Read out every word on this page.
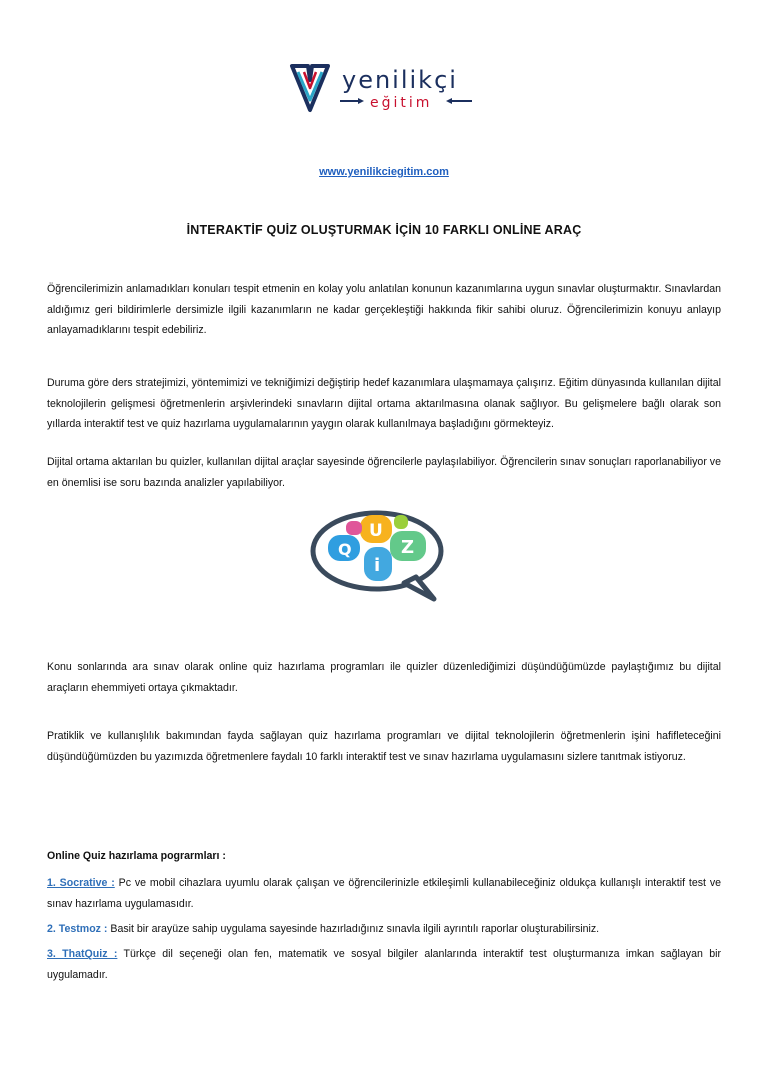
yenilikçi
eğitim
www.yenilikciegitim.com
İNTERAKTİF QUİZ OLUŞTURMAK İÇİN 10 FARKLI ONLİNE ARAÇ

Öğrencilerimizin anlamadıkları konuları tespit etmenin en kolay yolu anlatılan konunun kazanımlarına uygun sınavlar oluşturmaktır. Sınavlardan aldığımız geri bildirimlerle dersimizle ilgili kazanımların ne kadar gerçekleştiği hakkında fikir sahibi oluruz. Öğrencilerimizin konuyu anlayıp anlayamadıklarını tespit edebiliriz.

Duruma göre ders stratejimizi, yöntemimizi ve tekniğimizi değiştirip hedef kazanımlara ulaşmamaya çalışırız. Eğitim dünyasında kullanılan dijital teknolojilerin gelişmesi öğretmenlerin arşivlerindeki sınavların dijital ortama aktarılmasına olanak sağlıyor. Bu gelişmelere bağlı olarak son yıllarda interaktif test ve quiz hazırlama uygulamalarının yaygın olarak kullanılmaya başladığını görmekteyiz.

Dijital ortama aktarılan bu quizler, kullanılan dijital araçlar sayesinde öğrencilerle paylaşılabiliyor. Öğrencilerin sınav sonuçları raporlanabiliyor ve en önemlisi ise soru bazında analizler yapılabiliyor.

Q
U
i
Z

Konu sonlarında ara sınav olarak online quiz hazırlama programları ile quizler düzenlediğimizi düşündüğümüzde paylaştığımız bu dijital araçların ehemmiyeti ortaya çıkmaktadır.

Pratiklik ve kullanışlılık bakımından fayda sağlayan quiz hazırlama programları ve dijital teknolojilerin öğretmenlerin işini hafifleteceğini düşündüğümüzden bu yazımızda öğretmenlere faydalı 10 farklı interaktif test ve sınav hazırlama uygulamasını sizlere tanıtmak istiyoruz.

Online Quiz hazırlama pograrmları :

1. Socrative : Pc ve mobil cihazlara uyumlu olarak çalışan ve öğrencilerinizle etkileşimli kullanabileceğiniz oldukça kullanışlı interaktif test ve sınav hazırlama uygulamasıdır.

2. Testmoz : Basit bir arayüze sahip uygulama sayesinde hazırladığınız sınavla ilgili ayrıntılı raporlar oluşturabilirsiniz.

3. ThatQuiz : Türkçe dil seçeneği olan fen, matematik ve sosyal bilgiler alanlarında interaktif test oluşturmanıza imkan sağlayan bir uygulamadır.
